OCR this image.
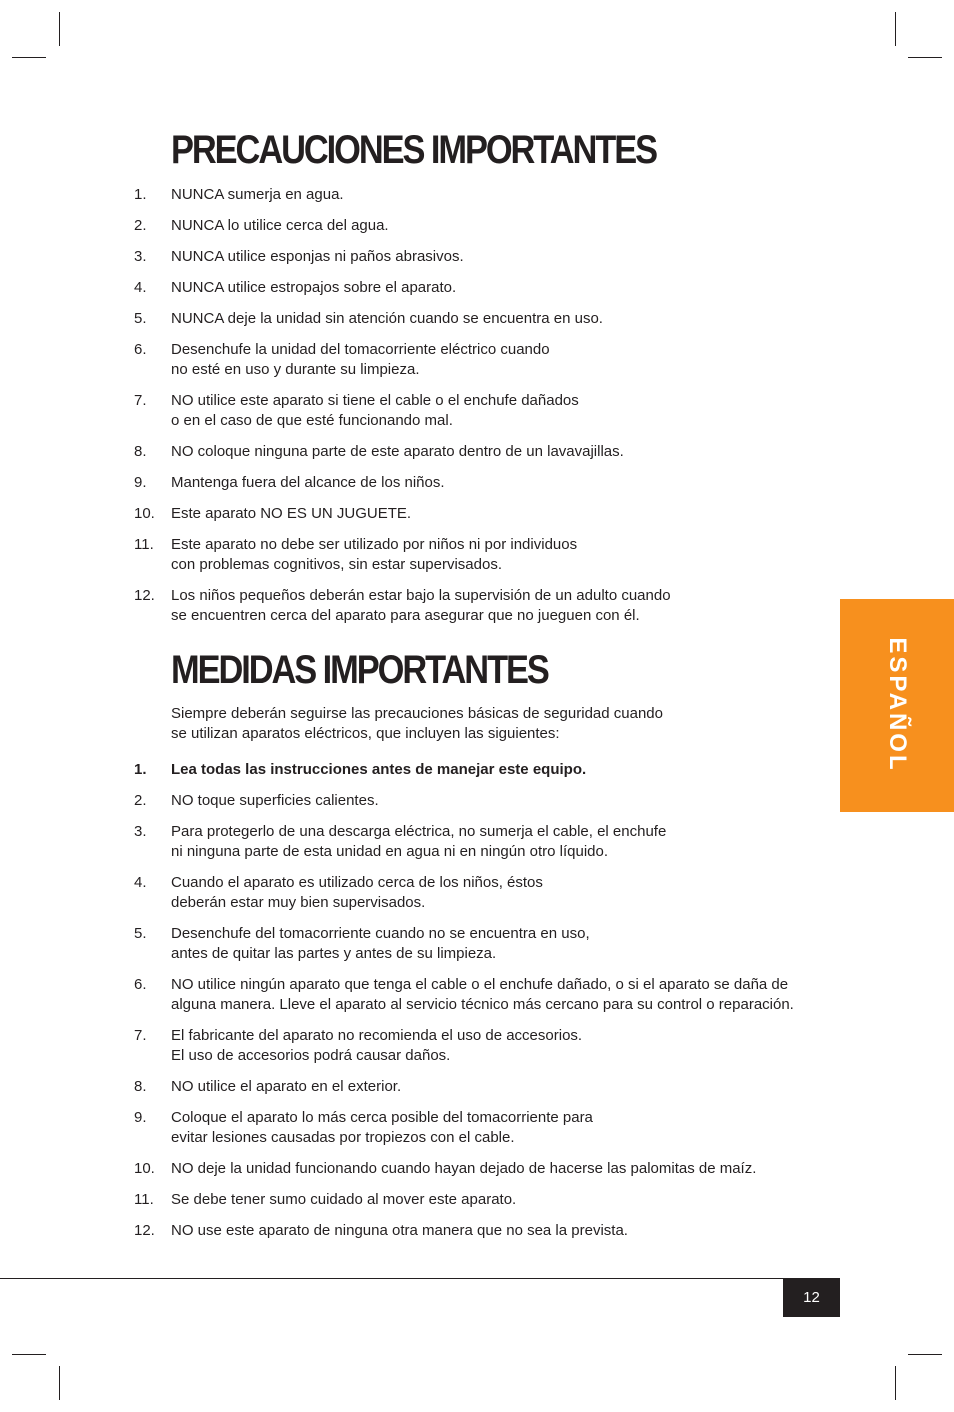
PRECAUCIONES IMPORTANTES
1. NUNCA sumerja en agua.
2. NUNCA lo utilice cerca del agua.
3. NUNCA utilice esponjas ni paños abrasivos.
4. NUNCA utilice estropajos sobre el aparato.
5. NUNCA deje la unidad sin atención cuando se encuentra en uso.
6. Desenchufe la unidad del tomacorriente eléctrico cuando
no esté en uso y durante su limpieza.
7. NO utilice este aparato si tiene el cable o el enchufe dañados
o en el caso de que esté funcionando mal.
8. NO coloque ninguna parte de este aparato dentro de un lavavajillas.
9. Mantenga fuera del alcance de los niños.
10. Este aparato NO ES UN JUGUETE.
11. Este aparato no debe ser utilizado por niños ni por individuos
con problemas cognitivos, sin estar supervisados.
12. Los niños pequeños deberán estar bajo la supervisión de un adulto cuando
se encuentren cerca del aparato para asegurar que no jueguen con él.
MEDIDAS IMPORTANTES

Siempre deberán seguirse las precauciones básicas de seguridad cuando
se utilizan aparatos eléctricos, que incluyen las siguientes:

1. Lea todas las instrucciones antes de manejar este equipo.
2. NO toque superficies calientes.
3. Para protegerlo de una descarga eléctrica, no sumerja el cable, el enchufe
ni ninguna parte de esta unidad en agua ni en ningún otro líquido.
4. Cuando el aparato es utilizado cerca de los niños, éstos
deberán estar muy bien supervisados.
5. Desenchufe del tomacorriente cuando no se encuentra en uso,
antes de quitar las partes y antes de su limpieza.
6. NO utilice ningún aparato que tenga el cable o el enchufe dañado, o si el aparato se daña de
alguna manera. Lleve el aparato al servicio técnico más cercano para su control o reparación.
7. El fabricante del aparato no recomienda el uso de accesorios.
El uso de accesorios podrá causar daños.
8. NO utilice el aparato en el exterior.
9. Coloque el aparato lo más cerca posible del tomacorriente para
evitar lesiones causadas por tropiezos con el cable.
10. NO deje la unidad funcionando cuando hayan dejado de hacerse las palomitas de maíz.
11. Se debe tener sumo cuidado al mover este aparato.
12. NO use este aparato de ninguna otra manera que no sea la prevista.
ESPAÑOL
12
